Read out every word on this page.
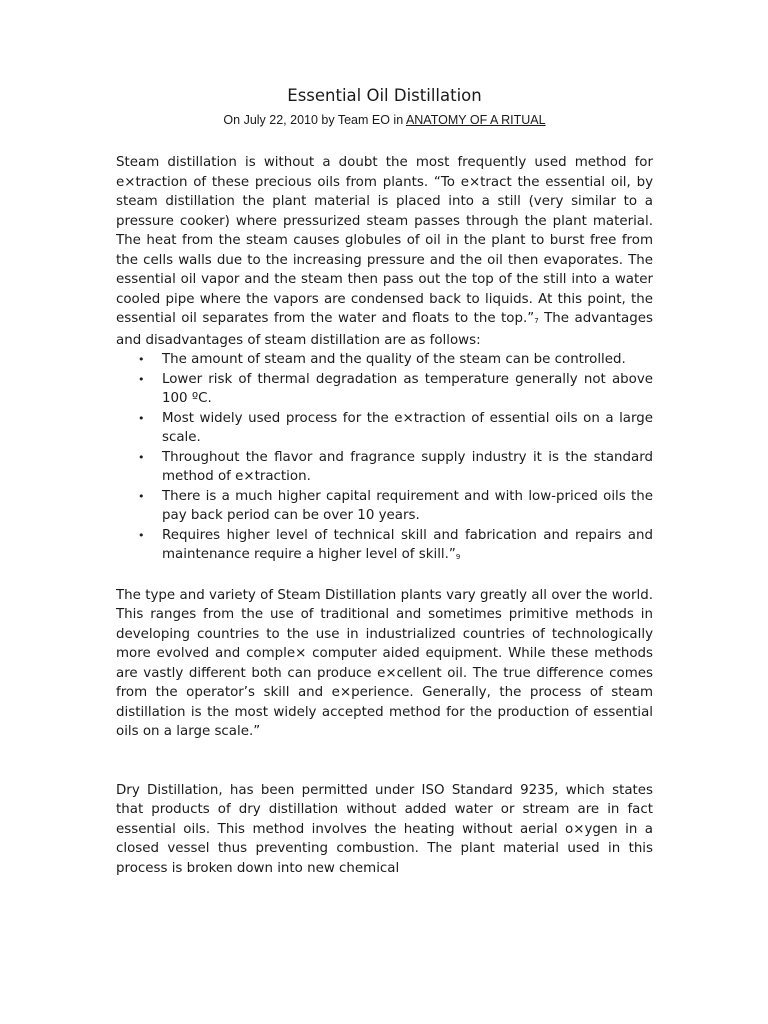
Essential Oil Distillation

On July 22, 2010 by Team EO in ANATOMY OF A RITUAL

Steam distillation is without a doubt the most frequently used method for e×traction of these precious oils from plants. “To e×tract the essential oil, by steam distillation the plant material is placed into a still (very similar to a pressure cooker) where pressurized steam passes through the plant material. The heat from the steam causes globules of oil in the plant to burst free from the cells walls due to the increasing pressure and the oil then evaporates. The essential oil vapor and the steam then pass out the top of the still into a water cooled pipe where the vapors are condensed back to liquids. At this point, the essential oil separates from the water and floats to the top.”$^7$ The advantages and disadvantages of steam distillation are as follows:

• The amount of steam and the quality of the steam can be controlled.
• Lower risk of thermal degradation as temperature generally not above 100 ºC.
• Most widely used process for the e×traction of essential oils on a large scale.
• Throughout the flavor and fragrance supply industry it is the standard method of e×traction.
• There is a much higher capital requirement and with low-priced oils the pay back period can be over 10 years.
• Requires higher level of technical skill and fabrication and repairs and maintenance require a higher level of skill.”$^9$

The type and variety of Steam Distillation plants vary greatly all over the world. This ranges from the use of traditional and sometimes primitive methods in developing countries to the use in industrialized countries of technologically more evolved and comple× computer aided equipment. While these methods are vastly different both can produce e×cellent oil. The true difference comes from the operator’s skill and e×perience. Generally, the process of steam distillation is the most widely accepted method for the production of essential oils on a large scale.”

Dry Distillation, has been permitted under ISO Standard 9235, which states that products of dry distillation without added water or stream are in fact essential oils. This method involves the heating without aerial o×ygen in a closed vessel thus preventing combustion. The plant material used in this process is broken down into new chemical
